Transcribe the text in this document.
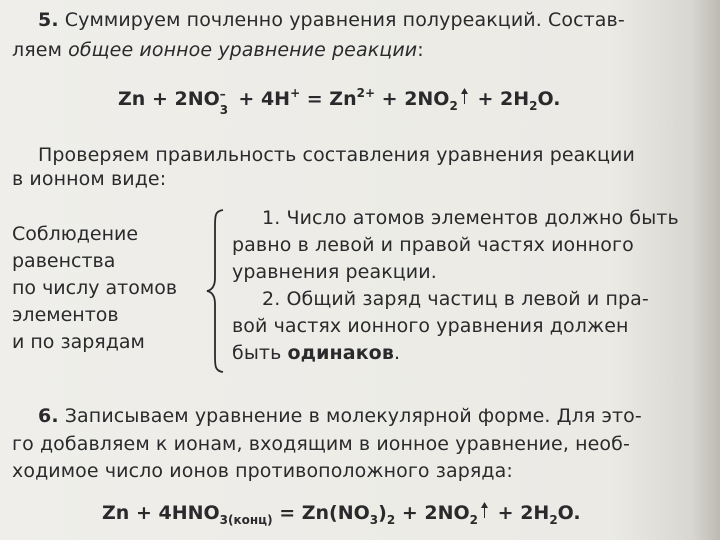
5. Суммируем почленно уравнения полуреакций. Состав-
ляем общее ионное уравнение реакции:
Zn + 2NO –
$3 + 4H^+ = Zn^{2+} + 2NO_2 + 2H_2O$.
Проверяем правильность составления уравнения реакции
в ионном виде:
Соблюдение
равенства
по числу атомов
элементов
и по зарядам
1. Число атомов элементов должно быть
равно в левой и правой частях ионного
уравнения реакции.
2. Общий заряд частиц в левой и пра-
вой частях ионного уравнения должен
быть одинаков.
6. Записываем уравнение в молекулярной форме. Для это-
го добавляем к ионам, входящим в ионное уравнение, необ-
ходимое число ионов противоположного заряда:
$Zn + 4HNO_{3(конц)} = Zn(NO_3)_2 + 2NO_2 + 2H_2O$.
